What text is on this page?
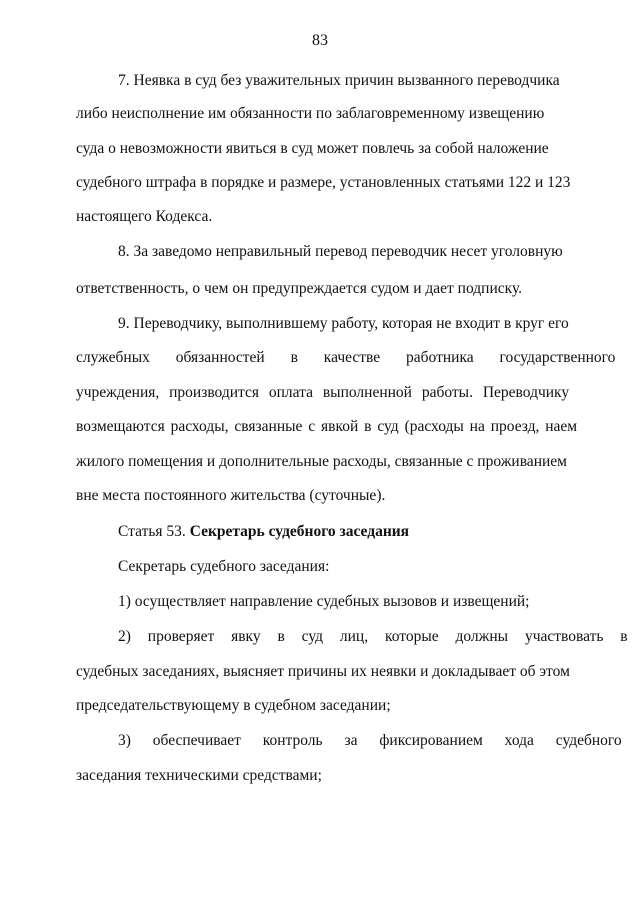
83
7. Неявка в суд без уважительных причин вызванного переводчика
либо неисполнение им обязанности по заблаговременному извещению
суда о невозможности явиться в суд может повлечь за собой наложение
судебного штрафа в порядке и размере, установленных статьями 122 и 123
настоящего Кодекса.
8. За заведомо неправильный перевод переводчик несет уголовную
ответственность, о чем он предупреждается судом и дает подписку.
9. Переводчику, выполнившему работу, которая не входит в круг его
служебных обязанностей в качестве работника государственного
учреждения, производится оплата выполненной работы. Переводчику
возмещаются расходы, связанные с явкой в суд (расходы на проезд, наем
жилого помещения и дополнительные расходы, связанные с проживанием
вне места постоянного жительства (суточные).
Статья 53. Секретарь судебного заседания
Секретарь судебного заседания:
1) осуществляет направление судебных вызовов и извещений;
2) проверяет явку в суд лиц, которые должны участвовать в
судебных заседаниях, выясняет причины их неявки и докладывает об этом
председательствующему в судебном заседании;
3) обеспечивает контроль за фиксированием хода судебного
заседания техническими средствами;
